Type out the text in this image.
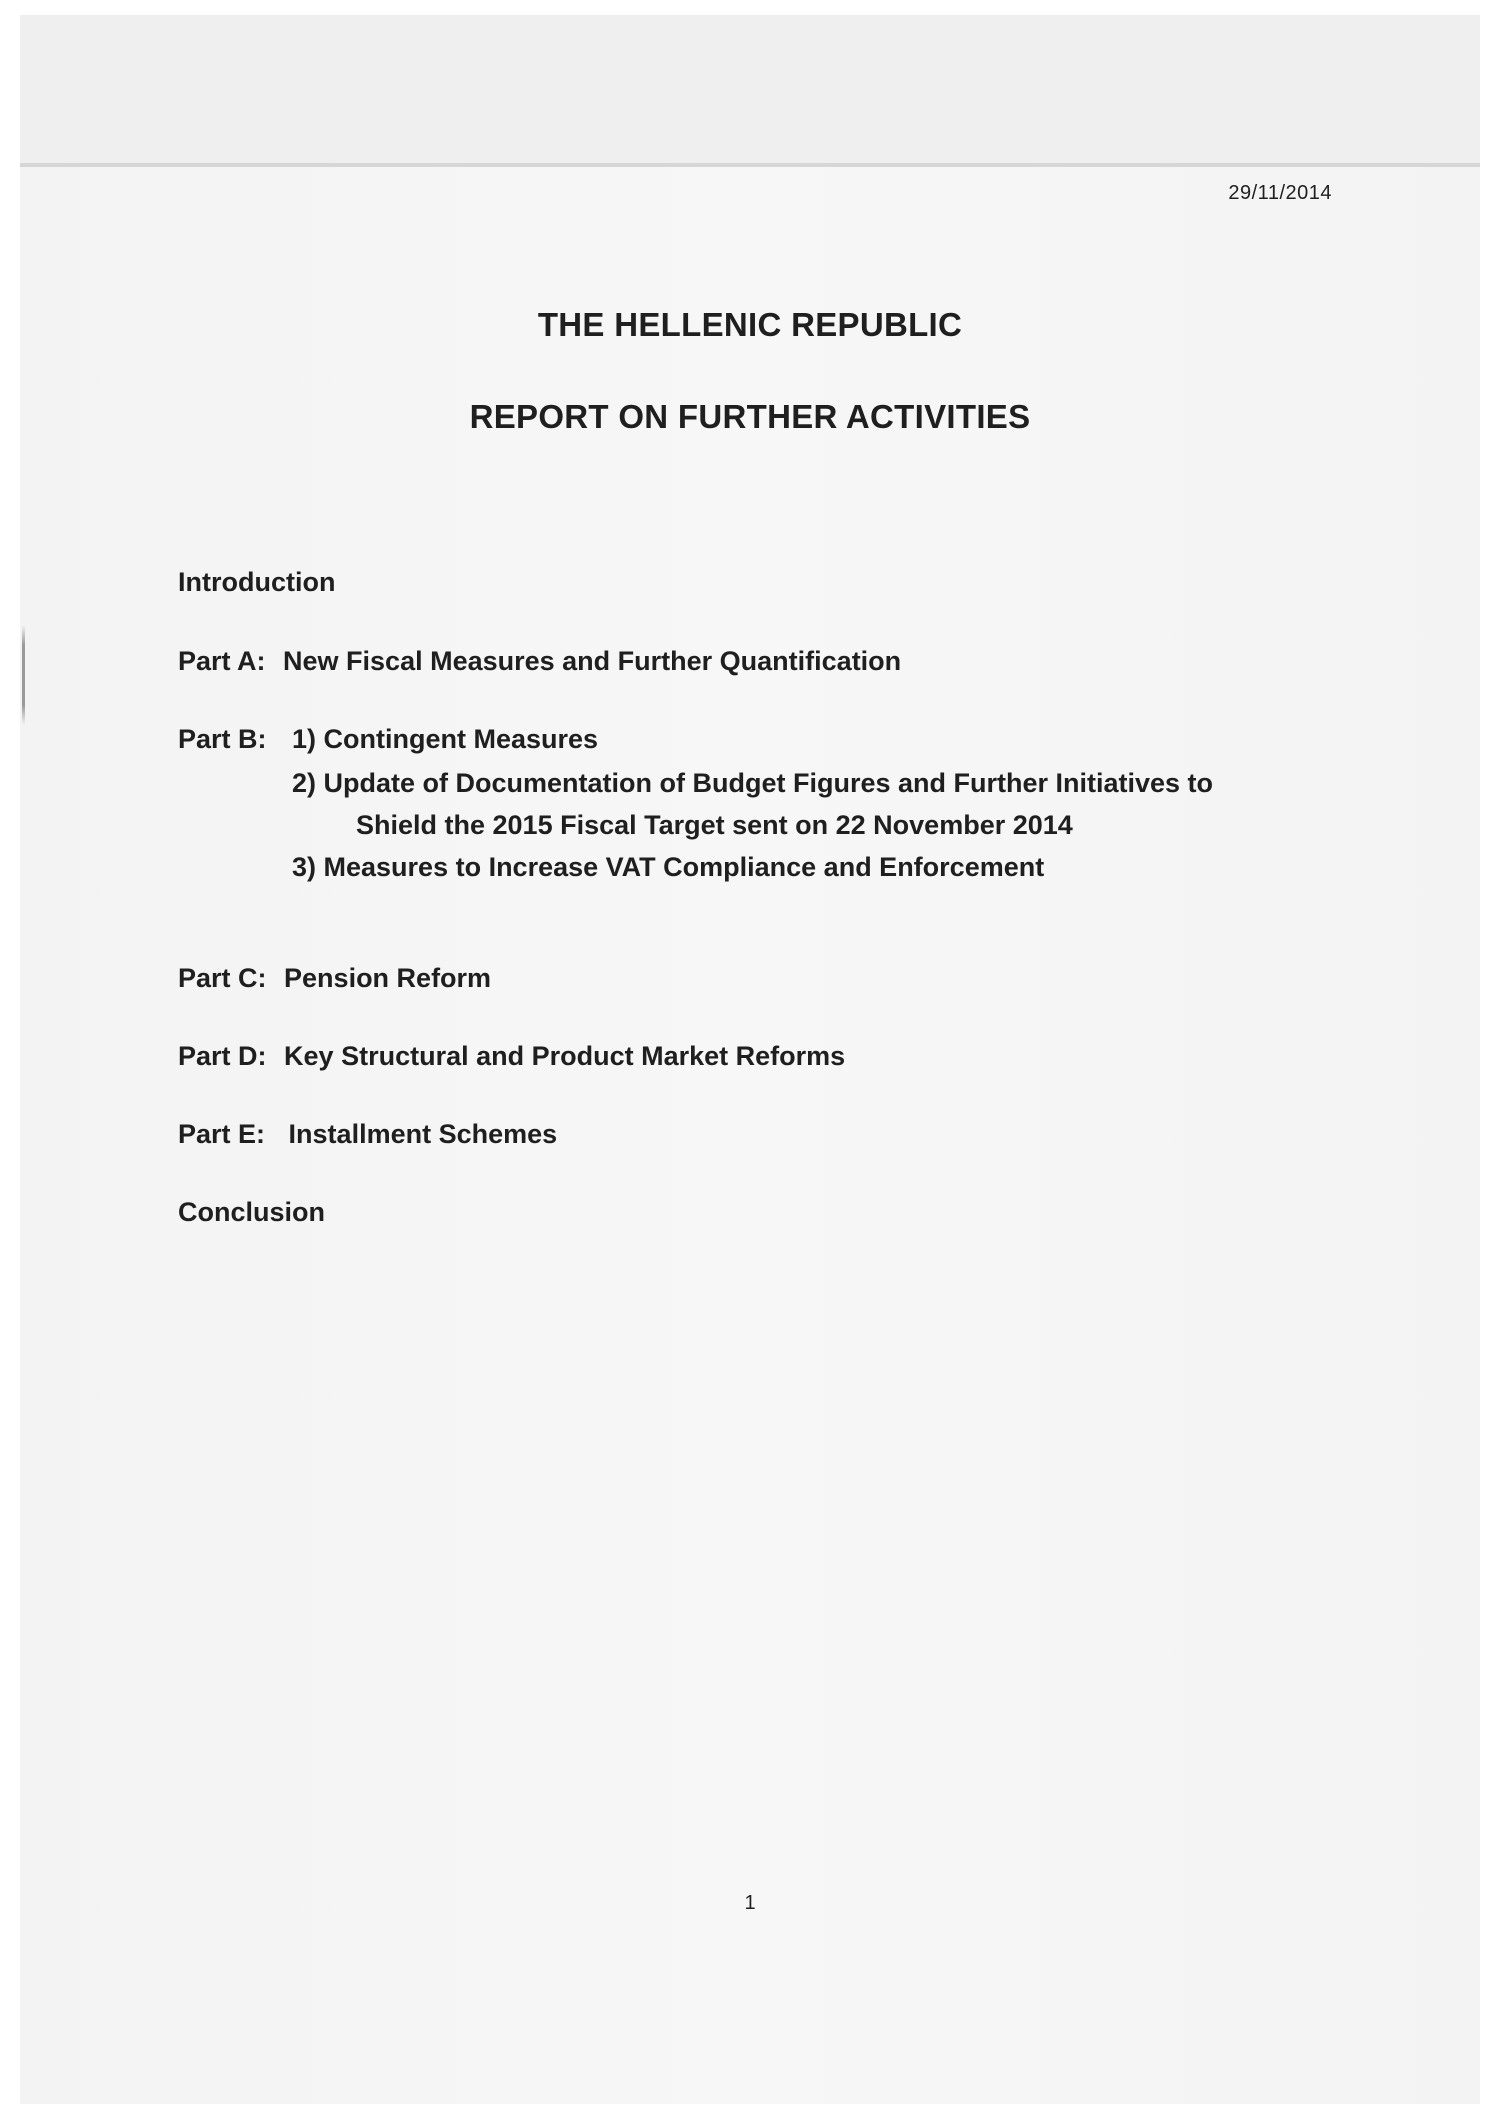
29/11/2014
THE HELLENIC REPUBLIC
REPORT ON FURTHER ACTIVITIES
Introduction
Part A: New Fiscal Measures and Further Quantification
Part B: 1) Contingent Measures
2) Update of Documentation of Budget Figures and Further Initiatives to
Shield the 2015 Fiscal Target sent on 22 November 2014
3) Measures to Increase VAT Compliance and Enforcement
Part C: Pension Reform
Part D: Key Structural and Product Market Reforms
Part E: Installment Schemes
Conclusion
1
